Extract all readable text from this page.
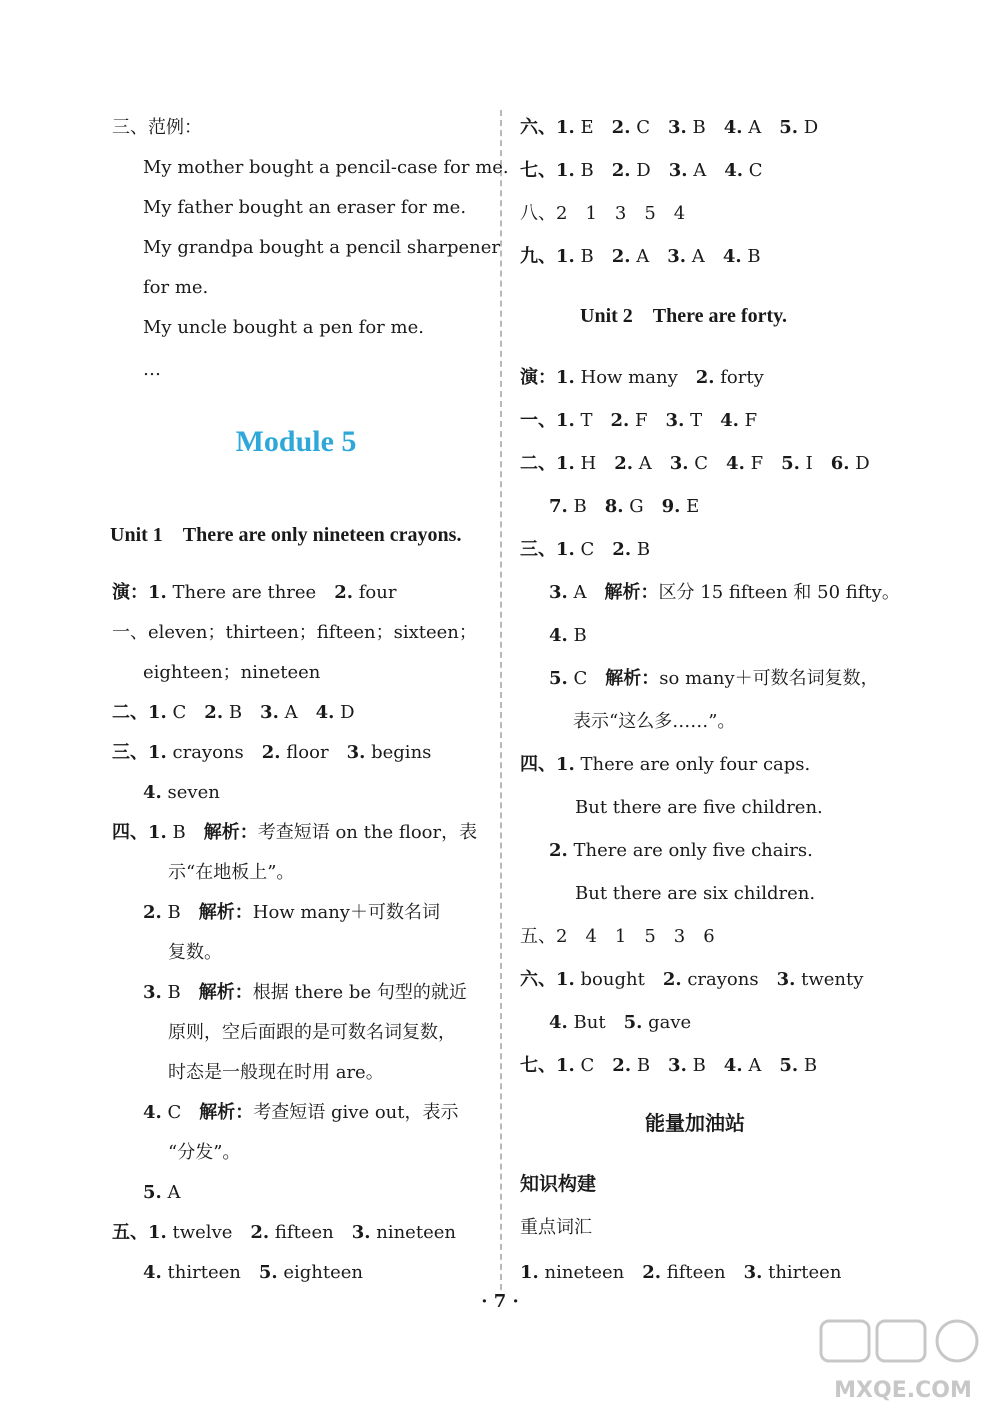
三、范例：
My mother bought a pencil-case for me.
My father bought an eraser for me.
My grandpa bought a pencil sharpener
for me.
My uncle bought a pen for me.
…
Module 5
Unit 1　There are only nineteen crayons.
演：1. There are three　2. four
一、eleven；thirteen；fifteen；sixteen；
eighteen；nineteen
二、1. C　2. B　3. A　4. D
三、1. crayons　2. floor　3. begins
4. seven
四、1. B　解析：考查短语 on the floor，表
示“在地板上”。
2. B　解析：How many＋可数名词
复数。
3. B　解析：根据 there be 句型的就近
原则，空后面跟的是可数名词复数，
时态是一般现在时用 are。
4. C　解析：考查短语 give out，表示
“分发”。
5. A
五、1. twelve　2. fifteen　3. nineteen
4. thirteen　5. eighteen
六、1. E　2. C　3. B　4. A　5. D
七、1. B　2. D　3. A　4. C
八、2　1　3　5　4
九、1. B　2. A　3. A　4. B
Unit 2　There are forty.
演：1. How many　2. forty
一、1. T　2. F　3. T　4. F
二、1. H　2. A　3. C　4. F　5. I　6. D
7. B　8. G　9. E
三、1. C　2. B
3. A　解析：区分 15 fifteen 和 50 fifty。
4. B
5. C　解析：so many＋可数名词复数，
表示“这么多……”。
四、1. There are only four caps.
But there are five children.
2. There are only five chairs.
But there are six children.
五、2　4　1　5　3　6
六、1. bought　2. crayons　3. twenty
4. But　5. gave
七、1. C　2. B　3. B　4. A　5. B
能量加油站
知识构建
重点词汇
1. nineteen　2. fifteen　3. thirteen
· 7 ·
MXQE.COM
